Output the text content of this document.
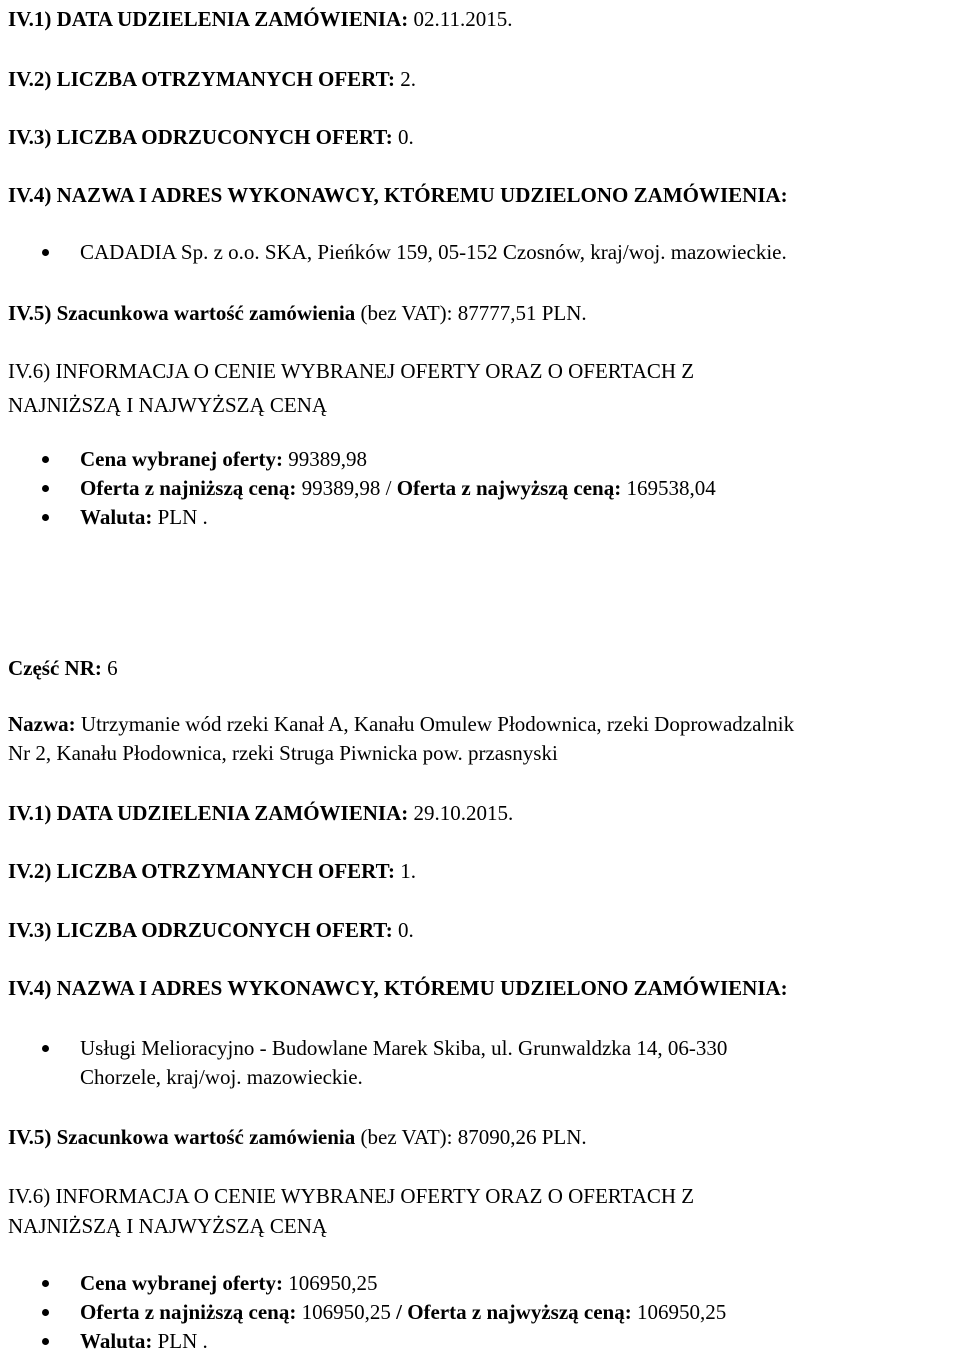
IV.1) DATA UDZIELENIA ZAMÓWIENIA: 02.11.2015.
IV.2) LICZBA OTRZYMANYCH OFERT: 2.
IV.3) LICZBA ODRZUCONYCH OFERT: 0.
IV.4) NAZWA I ADRES WYKONAWCY, KTÓREMU UDZIELONO ZAMÓWIENIA:
CADADIA Sp. z o.o. SKA, Pieńków 159, 05-152 Czosnów, kraj/woj. mazowieckie.
IV.5) Szacunkowa wartość zamówienia (bez VAT): 87777,51 PLN.
IV.6) INFORMACJA O CENIE WYBRANEJ OFERTY ORAZ O OFERTACH Z
NAJNIŻSZĄ I NAJWYŻSZĄ CENĄ
Cena wybranej oferty: 99389,98
Oferta z najniższą ceną: 99389,98 / Oferta z najwyższą ceną: 169538,04
Waluta: PLN .
Część NR: 6
Nazwa: Utrzymanie wód rzeki Kanał A, Kanału Omulew Płodownica, rzeki Doprowadzalnik
Nr 2, Kanału Płodownica, rzeki Struga Piwnicka pow. przasnyski
IV.1) DATA UDZIELENIA ZAMÓWIENIA: 29.10.2015.
IV.2) LICZBA OTRZYMANYCH OFERT: 1.
IV.3) LICZBA ODRZUCONYCH OFERT: 0.
IV.4) NAZWA I ADRES WYKONAWCY, KTÓREMU UDZIELONO ZAMÓWIENIA:
Usługi Melioracyjno - Budowlane Marek Skiba, ul. Grunwaldzka 14, 06-330
Chorzele, kraj/woj. mazowieckie.
IV.5) Szacunkowa wartość zamówienia (bez VAT): 87090,26 PLN.
IV.6) INFORMACJA O CENIE WYBRANEJ OFERTY ORAZ O OFERTACH Z
NAJNIŻSZĄ I NAJWYŻSZĄ CENĄ
Cena wybranej oferty: 106950,25
Oferta z najniższą ceną: 106950,25 / Oferta z najwyższą ceną: 106950,25
Waluta: PLN .
